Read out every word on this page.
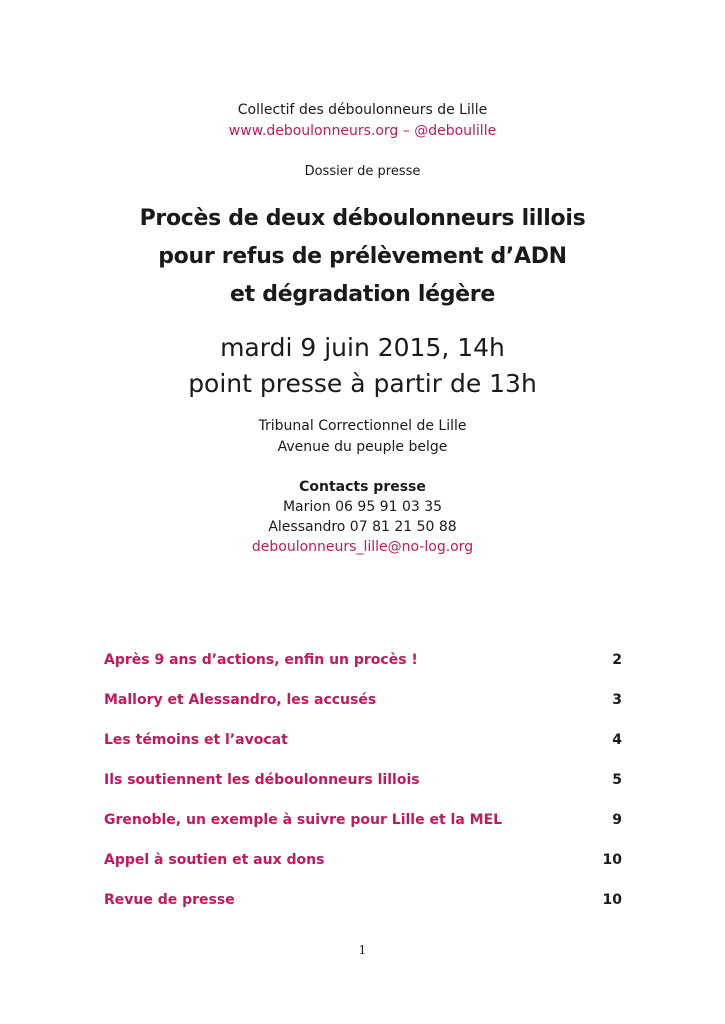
Collectif des déboulonneurs de Lille
www.deboulonneurs.org – @deboulille
Dossier de presse
Procès de deux déboulonneurs lillois
pour refus de prélèvement d’ADN
et dégradation légère
mardi 9 juin 2015, 14h
point presse à partir de 13h
Tribunal Correctionnel de Lille
Avenue du peuple belge
Contacts presse
Marion 06 95 91 03 35
Alessandro 07 81 21 50 88
deboulonneurs_lille@no-log.org
Après 9 ans d’actions, enfin un procès !	2
Mallory et Alessandro, les accusés	3
Les témoins et l’avocat	4
Ils soutiennent les déboulonneurs lillois	5
Grenoble, un exemple à suivre pour Lille et la MEL	9
Appel à soutien et aux dons	10
Revue de presse	10
1
